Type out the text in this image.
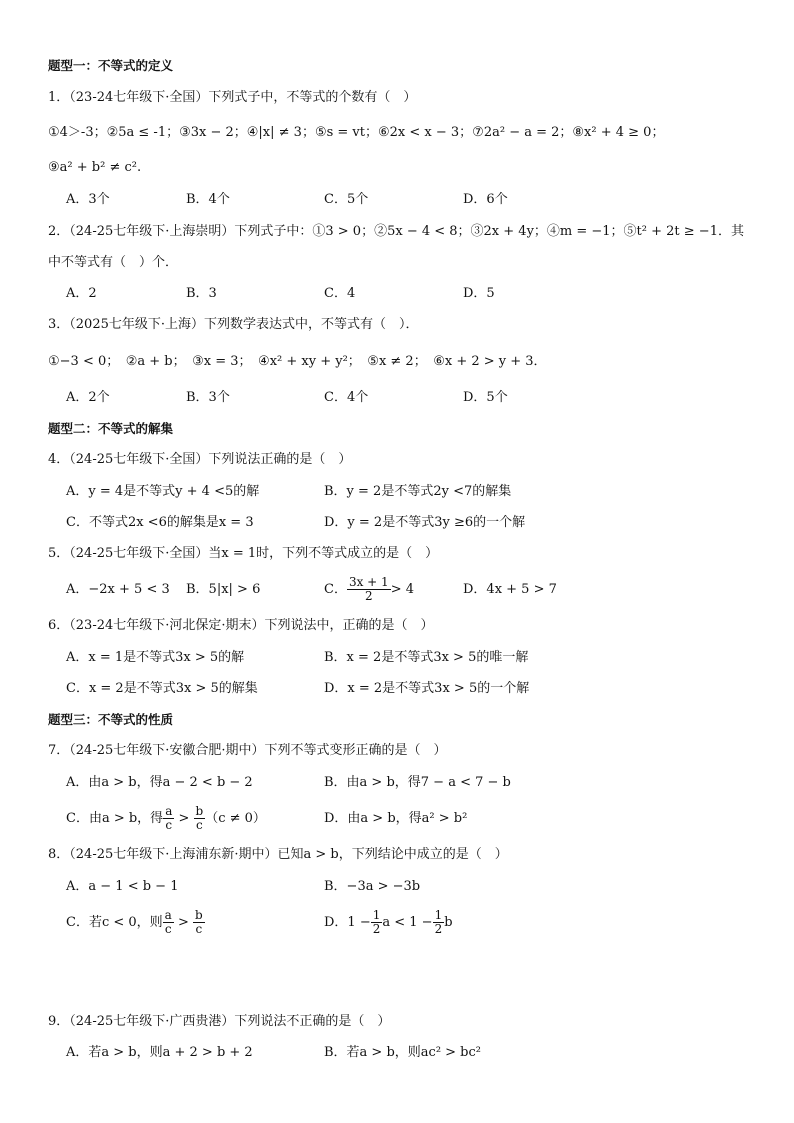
题型一：不等式的定义
1．（23-24七年级下·全国）下列式子中，不等式的个数有（　）
①4＞-3；②5a ≤ -1；③3x − 2；④|x| ≠ 3；⑤s = vt；⑥2x < x − 3；⑦2a² − a = 2；⑧x² + 4 ≥ 0；
⑨a² + b² ≠ c².
A．3个	B．4个	C．5个	D．6个
2．（24-25七年级下·上海崇明）下列式子中：①3 > 0；②5x − 4 < 8；③2x + 4y；④m = −1；⑤t² + 2t ≥ −1．其
中不等式有（　）个．
A．2	B．3	C．4	D．5
3．（2025七年级下·上海）下列数学表达式中，不等式有（　）．
①−3 < 0；　②a + b；　③x = 3；　④x² + xy + y²；　⑤x ≠ 2；　⑥x + 2 > y + 3．
A．2个	B．3个	C．4个	D．5个
题型二：不等式的解集
4．（24-25七年级下·全国）下列说法正确的是（　）
A．y = 4是不等式y + 4 <5的解	B．y = 2是不等式2y <7的解集
C．不等式2x <6的解集是x = 3	D．y = 2是不等式3y ≥6的一个解
5．（24-25七年级下·全国）当x = 1时，下列不等式成立的是（　）
A．−2x + 5 < 3 B．5|x| > 6	C． $\frac{3x + 1}{2} > 4$	D．4x + 5 > 7
6．（23-24七年级下·河北保定·期末）下列说法中，正确的是（　）
A．x = 1是不等式3x > 5的解	B．x = 2是不等式3x > 5的唯一解
C．x = 2是不等式3x > 5的解集	D．x = 2是不等式3x > 5的一个解
题型三：不等式的性质
7．（24-25七年级下·安徽合肥·期中）下列不等式变形正确的是（　）
A．由a > b，得a − 2 < b − 2	B．由a > b，得7 − a < 7 − b
C．由a > b，得 $\frac{a}{c} > \frac{b}{c} (c \ne 0)$	D．由a > b，得a² > b²
8．（24-25七年级下·上海浦东新·期中）已知a > b，下列结论中成立的是（　）
A．a − 1 < b − 1	B．−3a > −3b
C．若c < 0，则 $\frac{a}{c} > \frac{b}{c}$	D．$1 - \frac{1}{2}$ $a < 1 - \frac{1}{2}$ b
9．（24-25七年级下·广西贵港）下列说法不正确的是（　）
A．若a > b，则a + 2 > b + 2	B．若a > b，则ac² > bc²
